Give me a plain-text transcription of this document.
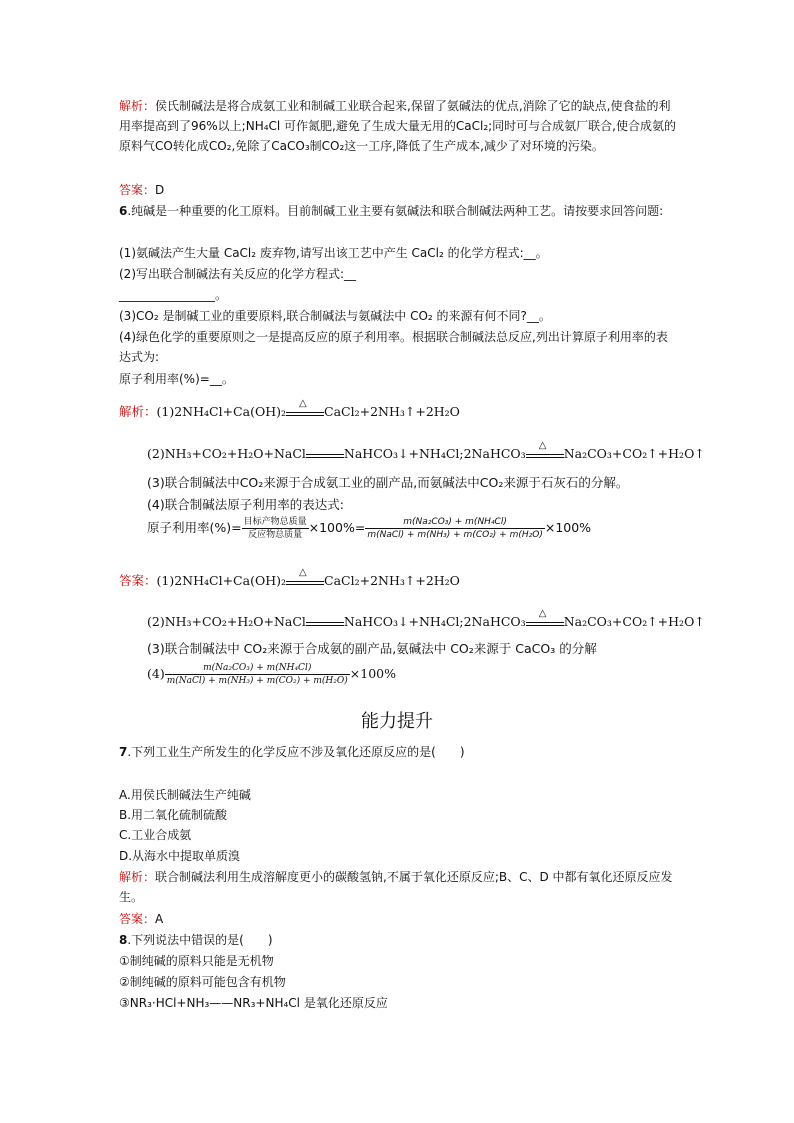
解析：侯氏制碱法是将合成氨工业和制碱工业联合起来,保留了氨碱法的优点,消除了它的缺点,使食盐的利用率提高到了96%以上;NH₄Cl 可作氮肥,避免了生成大量无用的CaCl₂;同时可与合成氨厂联合,使合成氨的原料气CO转化成CO₂,免除了CaCO₃制CO₂这一工序,降低了生产成本,减少了对环境的污染。
答案：D
6.纯碱是一种重要的化工原料。目前制碱工业主要有氨碱法和联合制碱法两种工艺。请按要求回答问题:
(1)氨碱法产生大量 CaCl₂ 废弃物,请写出该工艺中产生 CaCl₂ 的化学方程式:__。
(2)写出联合制碱法有关反应的化学方程式:__
________________。
(3)CO₂ 是制碱工业的重要原料,联合制碱法与氨碱法中 CO₂ 的来源有何不同?__。
(4)绿色化学的重要原则之一是提高反应的原子利用率。根据联合制碱法总反应,列出计算原子利用率的表达式为:
原子利用率(%)=__。
解析：(1)2NH₄Cl+Ca(OH)₂
△
CaCl₂+2NH₃↑+2H₂O
(2)NH₃+CO₂+H₂O+NaCl	NaHCO₃↓+NH₄Cl;2NaHCO₃
△
Na₂CO₃+CO₂↑+H₂O↑
(3)联合制碱法中CO₂来源于合成氨工业的副产品,而氨碱法中CO₂来源于石灰石的分解。
(4)联合制碱法原子利用率的表达式:
原子利用率(%)= $\frac{\text{目标产物总质量}}{\text{反应物总质量}} \times 100\%= \frac{\text{m(Na₂CO₃) + m(NH₄Cl)}}{\text{m(NaCl) + m(NH₃) + m(CO₂) + m(H₂O)}} \times 100\%$
答案：(1)2NH₄Cl+Ca(OH)₂
△
CaCl₂+2NH₃↑+2H₂O
(2)NH₃+CO₂+H₂O+NaCl	NaHCO₃↓+NH₄Cl;2NaHCO₃
△
Na₂CO₃+CO₂↑+H₂O↑
(3)联合制碱法中 CO₂来源于合成氨的副产品,氨碱法中 CO₂来源于 CaCO₃ 的分解
$(4) \frac{\text{m(Na₂CO₃) + m(NH₄Cl)}}{\text{m(NaCl) + m(NH₃) + m(CO₂) + m(H₂O)}} \times 100\%$
能力提升
7.下列工业生产所发生的化学反应不涉及氧化还原反应的是(　　)
A.用侯氏制碱法生产纯碱
B.用二氧化硫制硫酸
C.工业合成氨
D.从海水中提取单质溴
解析：联合制碱法利用生成溶解度更小的碳酸氢钠,不属于氧化还原反应;B、C、D 中都有氧化还原反应发生。
答案：A
8.下列说法中错误的是(　　)
①制纯碱的原料只能是无机物
②制纯碱的原料可能包含有机物
③NR₃·HCl+NH₃——NR₃+NH₄Cl 是氧化还原反应
